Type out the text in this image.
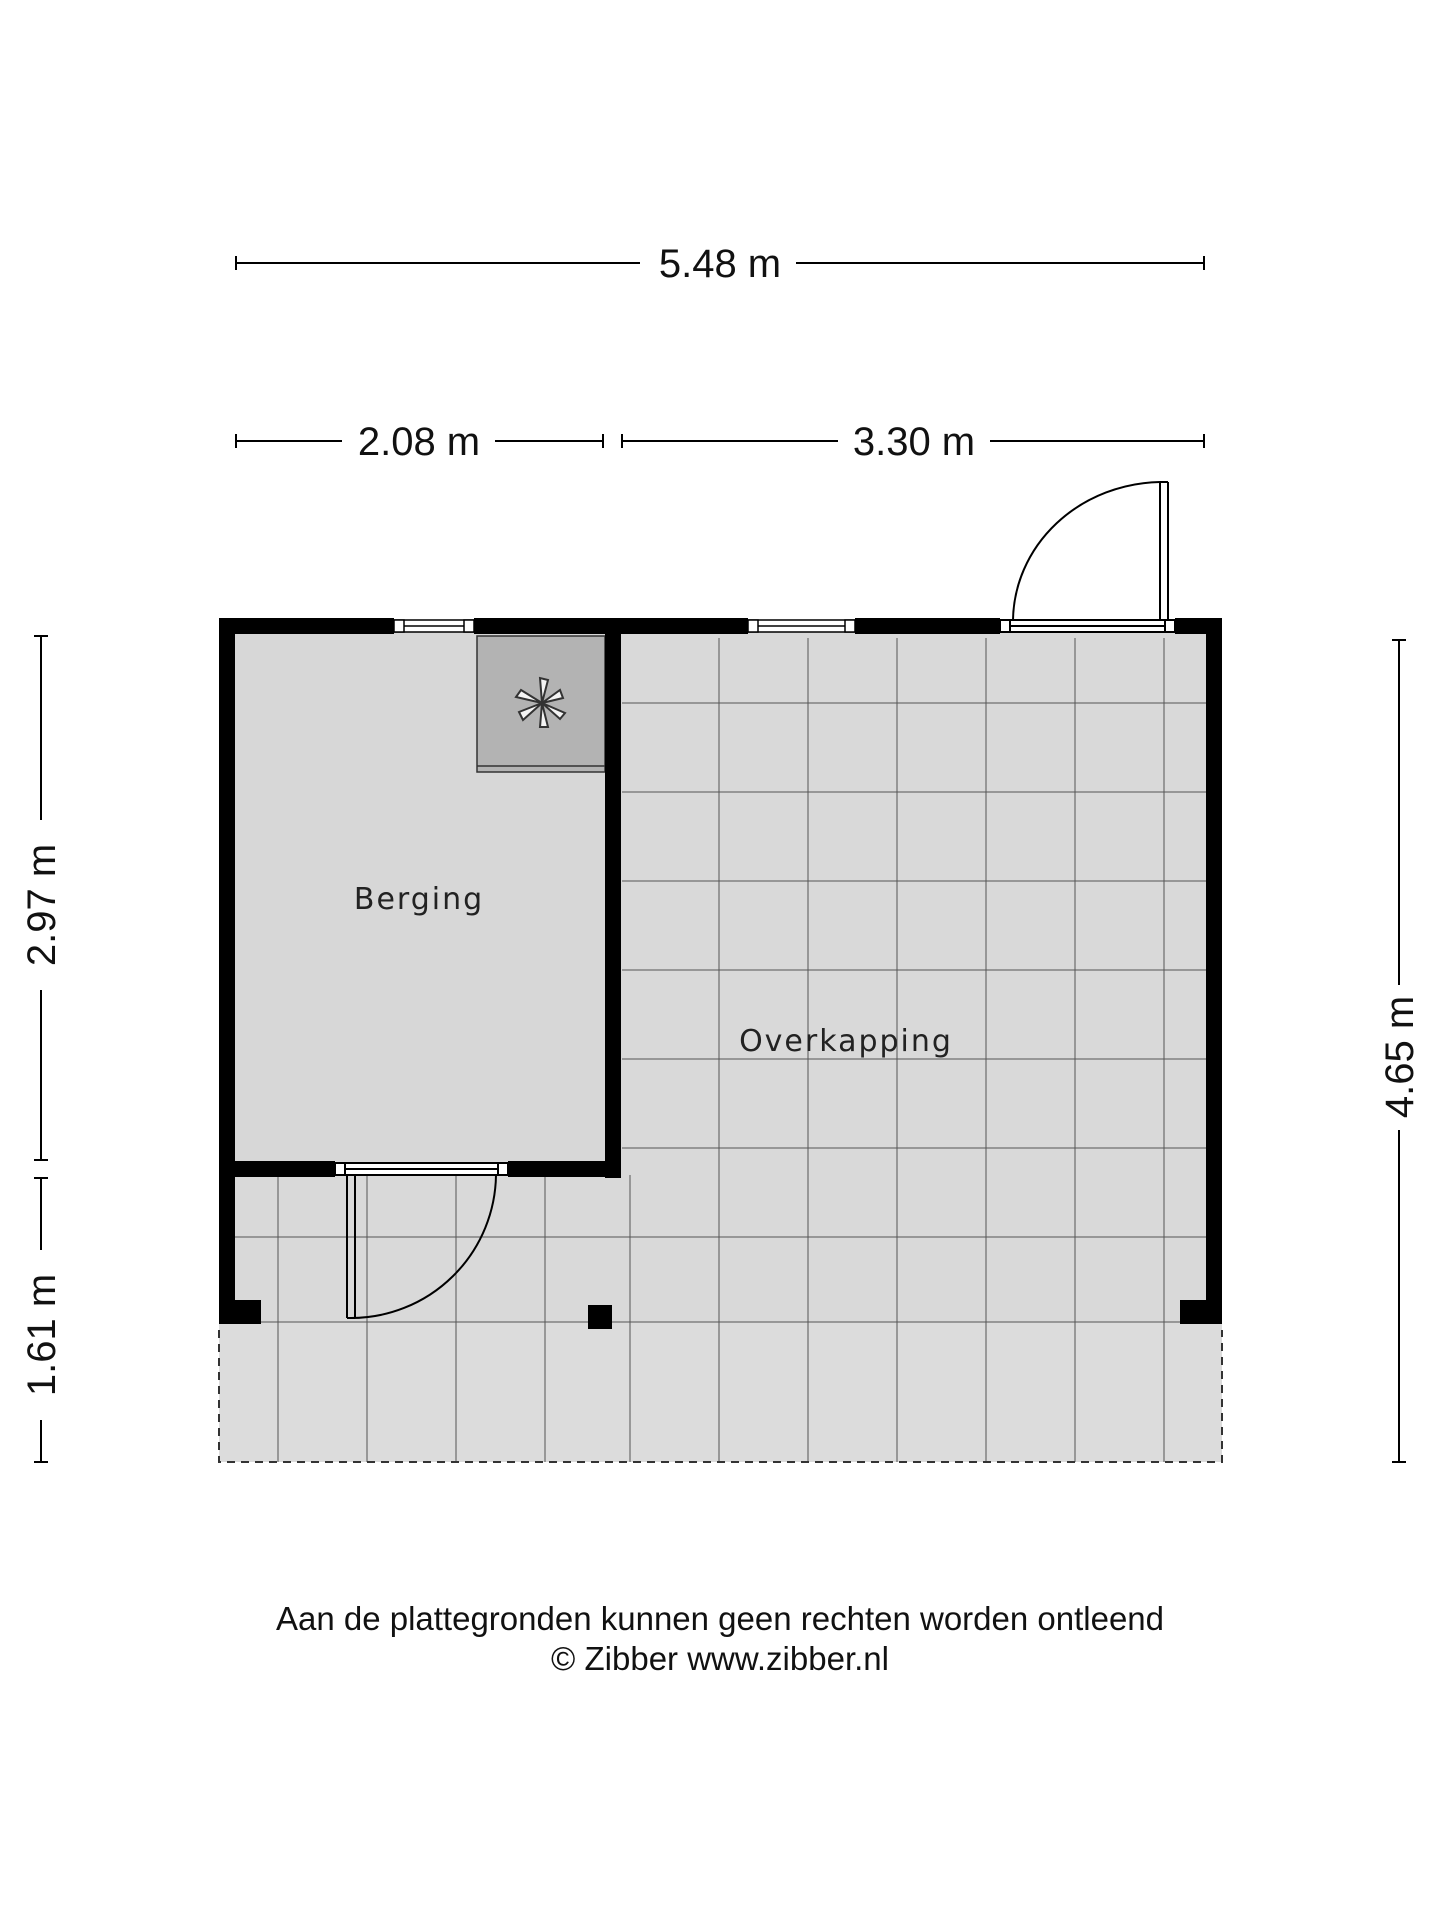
5.48 m
2.08 m	3.30 m
2.97 m
1.61 m
4.65 m
Berging
Overkapping
Aan de plattegronden kunnen geen rechten worden ontleend
© Zibber www.zibber.nl
